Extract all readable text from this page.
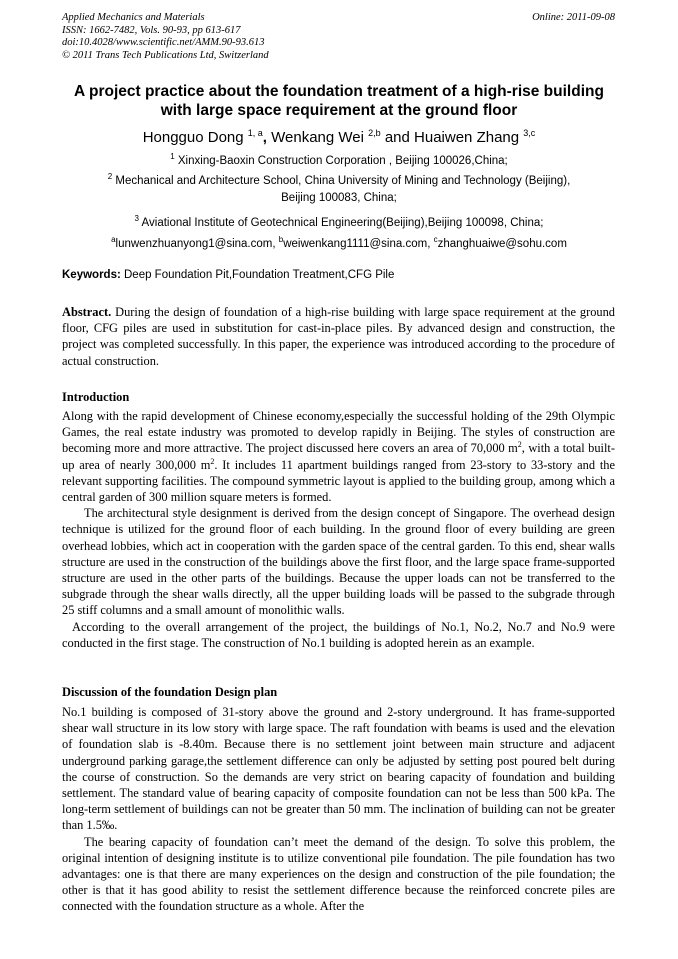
Applied Mechanics and Materials
ISSN: 1662-7482, Vols. 90-93, pp 613-617
doi:10.4028/www.scientific.net/AMM.90-93.613
© 2011 Trans Tech Publications Ltd, Switzerland
Online: 2011-09-08
A project practice about the foundation treatment of a high-rise building
with large space requirement at the ground floor
Hongguo Dong $^{1, a}$, Wenkang Wei $^{2,b}$ and Huaiwen Zhang $^{3,c}$
$^1$ Xinxing-Baoxin Construction Corporation , Beijing 100026,China;
$^2$ Mechanical and Architecture School, China University of Mining and Technology (Beijing),
Beijing 100083, China;
$^3$ Aviational Institute of Geotechnical Engineering(Beijing),Beijing 100098, China;
$^a$lunwenzhuanyong1@sina.com, $^b$weiwenkang1111@sina.com, $^c$zhanghuaiwe@sohu.com
Keywords: Deep Foundation Pit,Foundation Treatment,CFG Pile
Abstract. During the design of foundation of a high-rise building with large space requirement at the ground floor, CFG piles are used in substitution for cast-in-place piles. By advanced design and construction, the project was completed successfully. In this paper, the experience was introduced according to the procedure of actual construction.
Introduction
Along with the rapid development of Chinese economy,especially the successful holding of the 29th Olympic Games, the real estate industry was promoted to develop rapidly in Beijing. The styles of construction are becoming more and more attractive. The project discussed here covers an area of 70,000 $m^2$, with a total built-up area of nearly 300,000 $m^2$. It includes 11 apartment buildings ranged from 23-story to 33-story and the relevant supporting facilities. The compound symmetric layout is applied to the building group, among which a central garden of 300 million square meters is formed.
The architectural style designment is derived from the design concept of Singapore. The overhead design technique is utilized for the ground floor of each building. In the ground floor of every building are green overhead lobbies, which act in cooperation with the garden space of the central garden. To this end, shear walls structure are used in the construction of the buildings above the first floor, and the large space frame-supported structure are used in the other parts of the buildings. Because the upper loads can not be transferred to the subgrade through the shear walls directly, all the upper building loads will be passed to the subgrade through 25 stiff columns and a small amount of monolithic walls.
According to the overall arrangement of the project, the buildings of No.1, No.2, No.7 and No.9 were conducted in the first stage. The construction of No.1 building is adopted herein as an example.
Discussion of the foundation Design plan
No.1 building is composed of 31-story above the ground and 2-story underground. It has frame-supported shear wall structure in its low story with large space. The raft foundation with beams is used and the elevation of foundation slab is -8.40m. Because there is no settlement joint between main structure and adjacent underground parking garage,the settlement difference can only be adjusted by setting post poured belt during the course of construction. So the demands are very strict on bearing capacity of foundation and building settlement. The standard value of bearing capacity of composite foundation can not be less than 500 kPa. The long-term settlement of buildings can not be greater than 50 mm. The inclination of building can not be greater than 1.5‰.
The bearing capacity of foundation can’t meet the demand of the design. To solve this problem, the original intention of designing institute is to utilize conventional pile foundation. The pile foundation has two advantages: one is that there are many experiences on the design and construction of the pile foundation; the other is that it has good ability to resist the settlement difference because the reinforced concrete piles are connected with the foundation structure as a whole. After the
